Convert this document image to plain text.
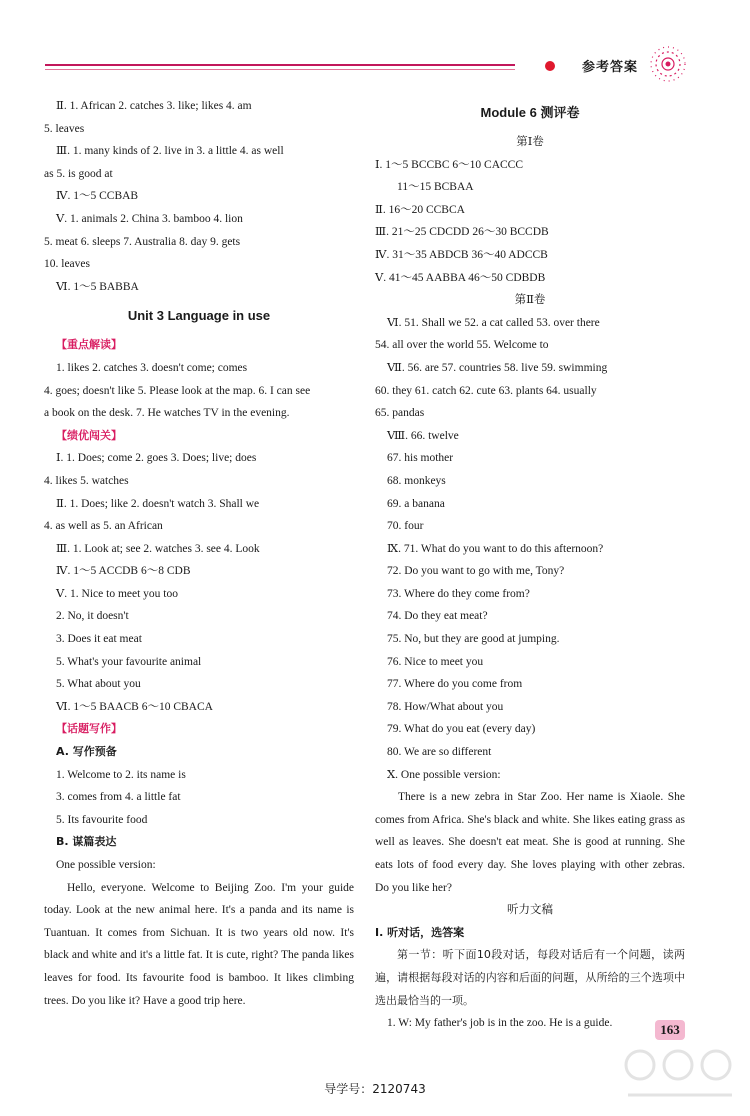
参考答案
Ⅱ. 1. African 2. catches 3. like; likes 4. am
5. leaves
Ⅲ. 1. many kinds of 2. live in 3. a little 4. as well
as 5. is good at
Ⅳ. 1～5 CCBAB
Ⅴ. 1. animals 2. China 3. bamboo 4. lion
5. meat 6. sleeps 7. Australia 8. day 9. gets
10. leaves
Ⅵ. 1～5 BABBA
Unit 3 Language in use
【重点解读】
1. likes 2. catches 3. doesn't come; comes
4. goes; doesn't like 5. Please look at the map. 6. I can see
a book on the desk. 7. He watches TV in the evening.
【绩优闯关】
Ⅰ. 1. Does; come 2. goes 3. Does; live; does
4. likes 5. watches
Ⅱ. 1. Does; like 2. doesn't watch 3. Shall we
4. as well as 5. an African
Ⅲ. 1. Look at; see 2. watches 3. see 4. Look
Ⅳ. 1～5 ACCDB 6～8 CDB
Ⅴ. 1. Nice to meet you too
2. No, it doesn't
3. Does it eat meat
5. What's your favourite animal
5. What about you
Ⅵ. 1～5 BAACB 6～10 CBACA
【话题写作】
A. 写作预备
1. Welcome to 2. its name is
3. comes from 4. a little fat
5. Its favourite food
B. 谋篇表达
One possible version:
Hello, everyone. Welcome to Beijing Zoo. I'm your guide today. Look at the new animal here. It's a panda and its name is Tuantuan. It comes from Sichuan. It is two years old now. It's black and white and it's a little fat. It is cute, right? The panda likes leaves for food. Its favourite food is bamboo. It likes climbing trees. Do you like it? Have a good trip here.
Module 6 测评卷
第Ⅰ卷
Ⅰ. 1～5 BCCBC 6～10 CACCC
11～15 BCBAA
Ⅱ. 16～20 CCBCA
Ⅲ. 21～25 CDCDD 26～30 BCCDB
Ⅳ. 31～35 ABDCB 36～40 ADCCB
Ⅴ. 41～45 AABBA 46～50 CDBDB
第Ⅱ卷
Ⅵ. 51. Shall we 52. a cat called 53. over there
54. all over the world 55. Welcome to
Ⅶ. 56. are 57. countries 58. live 59. swimming
60. they 61. catch 62. cute 63. plants 64. usually
65. pandas
Ⅷ. 66. twelve
67. his mother
68. monkeys
69. a banana
70. four
Ⅸ. 71. What do you want to do this afternoon?
72. Do you want to go with me, Tony?
73. Where do they come from?
74. Do they eat meat?
75. No, but they are good at jumping.
76. Nice to meet you
77. Where do you come from
78. How/What about you
79. What do you eat (every day)
80. We are so different
Ⅹ. One possible version:
There is a new zebra in Star Zoo. Her name is Xiaole. She comes from Africa. She's black and white. She likes eating grass as well as leaves. She doesn't eat meat. She is good at running. She eats lots of food every day. She loves playing with other zebras. Do you like her?
听力文稿
Ⅰ. 听对话，选答案
第一节：听下面10段对话，每段对话后有一个问题，读两遍，请根据每段对话的内容和后面的问题，从所给的三个选项中选出最恰当的一项。
1. W: My father's job is in the zoo. He is a guide.	163
导学号：2120743
